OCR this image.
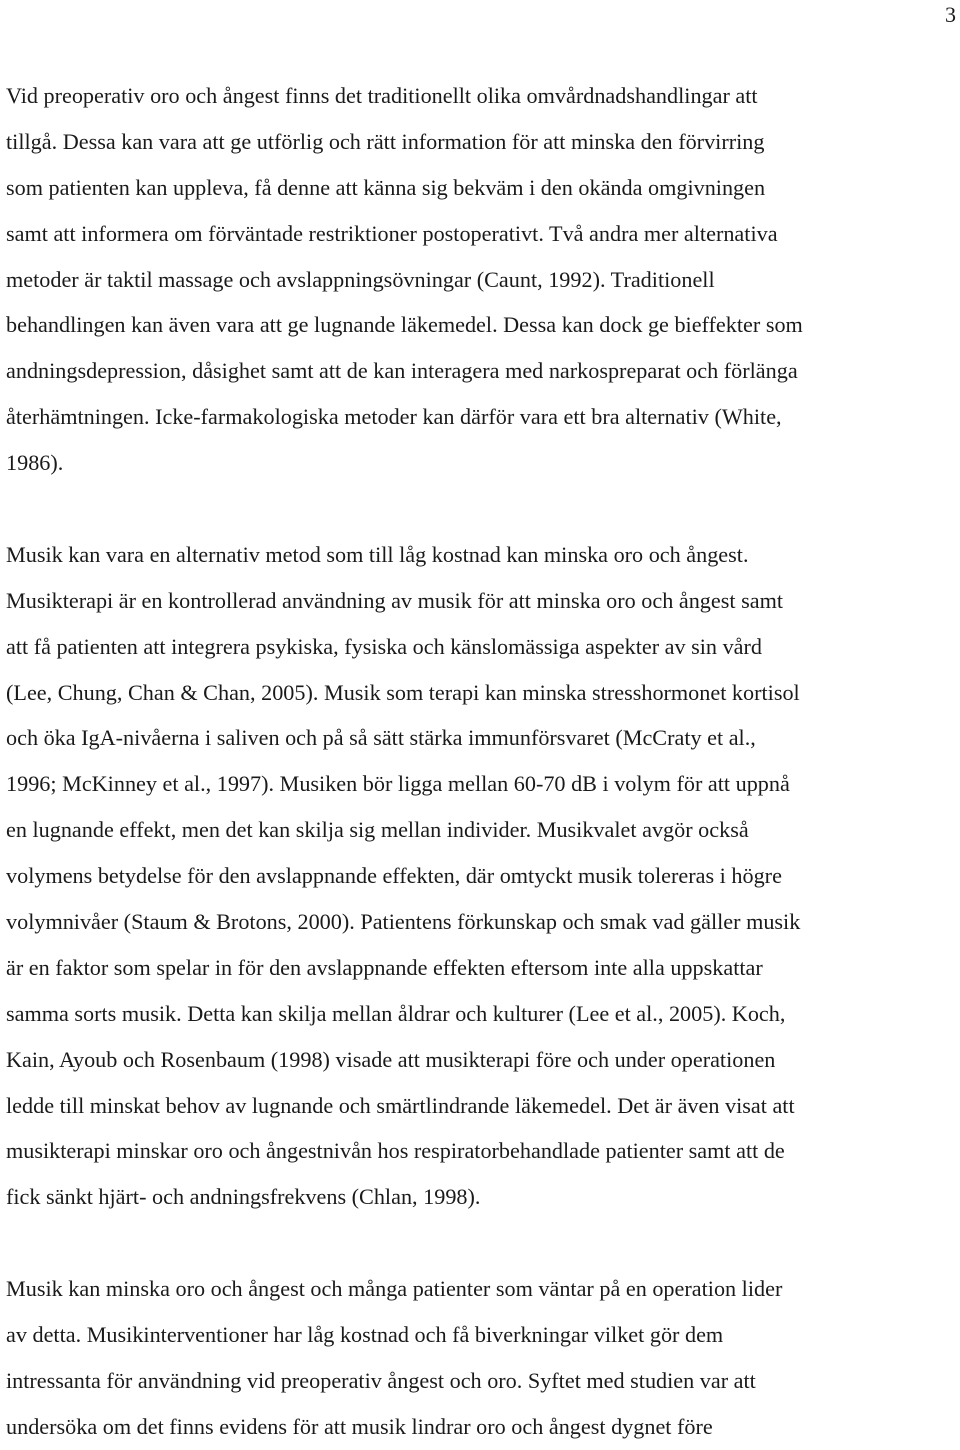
3

Vid preoperativ oro och ångest finns det traditionellt olika omvårdnadshandlingar att
tillgå. Dessa kan vara att ge utförlig och rätt information för att minska den förvirring
som patienten kan uppleva, få denne att känna sig bekväm i den okända omgivningen
samt att informera om förväntade restriktioner postoperativt. Två andra mer alternativa
metoder är taktil massage och avslappningsövningar (Caunt, 1992). Traditionell
behandlingen kan även vara att ge lugnande läkemedel. Dessa kan dock ge bieffekter som
andningsdepression, dåsighet samt att de kan interagera med narkospreparat och förlänga
återhämtningen. Icke-farmakologiska metoder kan därför vara ett bra alternativ (White,
1986).

Musik kan vara en alternativ metod som till låg kostnad kan minska oro och ångest.
Musikterapi är en kontrollerad användning av musik för att minska oro och ångest samt
att få patienten att integrera psykiska, fysiska och känslomässiga aspekter av sin vård
(Lee, Chung, Chan & Chan, 2005). Musik som terapi kan minska stresshormonet kortisol
och öka IgA-nivåerna i saliven och på så sätt stärka immunförsvaret (McCraty et al.,
1996; McKinney et al., 1997). Musiken bör ligga mellan 60-70 dB i volym för att uppnå
en lugnande effekt, men det kan skilja sig mellan individer. Musikvalet avgör också
volymens betydelse för den avslappnande effekten, där omtyckt musik tolereras i högre
volymnivåer (Staum & Brotons, 2000). Patientens förkunskap och smak vad gäller musik
är en faktor som spelar in för den avslappnande effekten eftersom inte alla uppskattar
samma sorts musik. Detta kan skilja mellan åldrar och kulturer (Lee et al., 2005). Koch,
Kain, Ayoub och Rosenbaum (1998) visade att musikterapi före och under operationen
ledde till minskat behov av lugnande och smärtlindrande läkemedel. Det är även visat att
musikterapi minskar oro och ångestnivån hos respiratorbehandlade patienter samt att de
fick sänkt hjärt- och andningsfrekvens (Chlan, 1998).

Musik kan minska oro och ångest och många patienter som väntar på en operation lider
av detta. Musikinterventioner har låg kostnad och få biverkningar vilket gör dem
intressanta för användning vid preoperativ ångest och oro. Syftet med studien var att
undersöka om det finns evidens för att musik lindrar oro och ångest dygnet före
